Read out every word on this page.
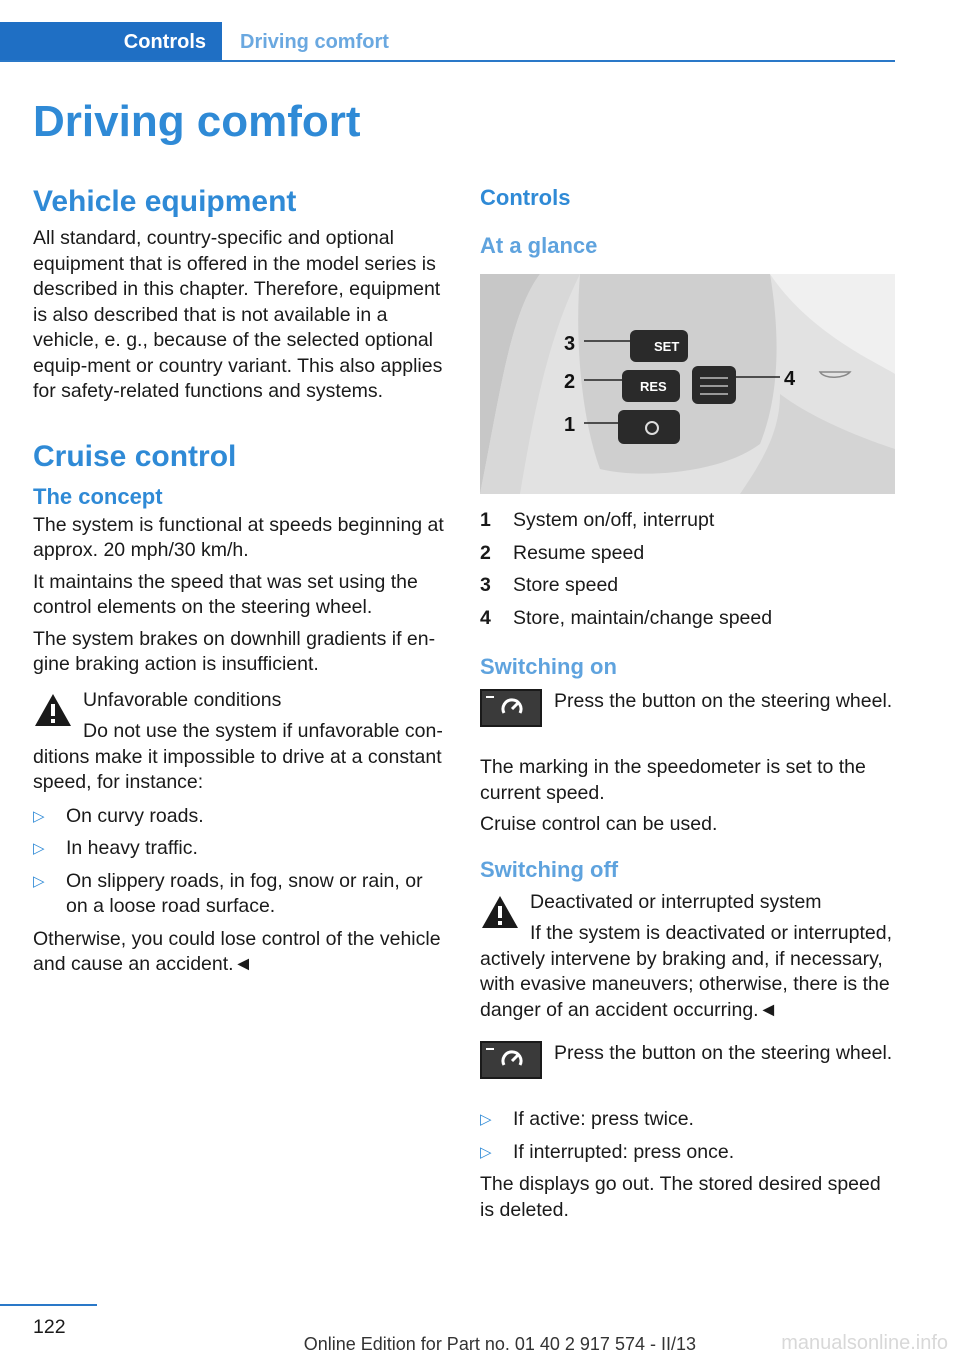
Controls	Driving comfort
Driving comfort
Vehicle equipment

All standard, country-specific and optional equipment that is offered in the model series is described in this chapter. Therefore, equipment is also described that is not available in a vehicle, e. g., because of the selected optional equip-ment or country variant. This also applies for safety-related functions and systems.

Cruise control
The concept

The system is functional at speeds beginning at approx. 20 mph/30 km/h.

It maintains the speed that was set using the control elements on the steering wheel.

The system brakes on downhill gradients if en-gine braking action is insufficient.

Unfavorable conditions

Do not use the system if unfavorable con-ditions make it impossible to drive at a constant speed, for instance:

▷ On curvy roads.
▷ In heavy traffic.
▷ On slippery roads, in fog, snow or rain, or on a loose road surface.

Otherwise, you could lose control of the vehicle and cause an accident.◄

Controls
At a glance
SET
RES
3
2
1
4
1	System on/off, interrupt
2	Resume speed
3	Store speed
4	Store, maintain/change speed
Switching on
Press the button on the steering wheel.

The marking in the speedometer is set to the current speed.

Cruise control can be used.

Switching off

Deactivated or interrupted system

If the system is deactivated or interrupted, actively intervene by braking and, if necessary, with evasive maneuvers; otherwise, there is the danger of an accident occurring.◄

Press the button on the steering wheel.
▷ If active: press twice.
▷ If interrupted: press once.

The displays go out. The stored desired speed is deleted.

122
Online Edition for Part no. 01 40 2 917 574 - II/13	manualsonline.info
